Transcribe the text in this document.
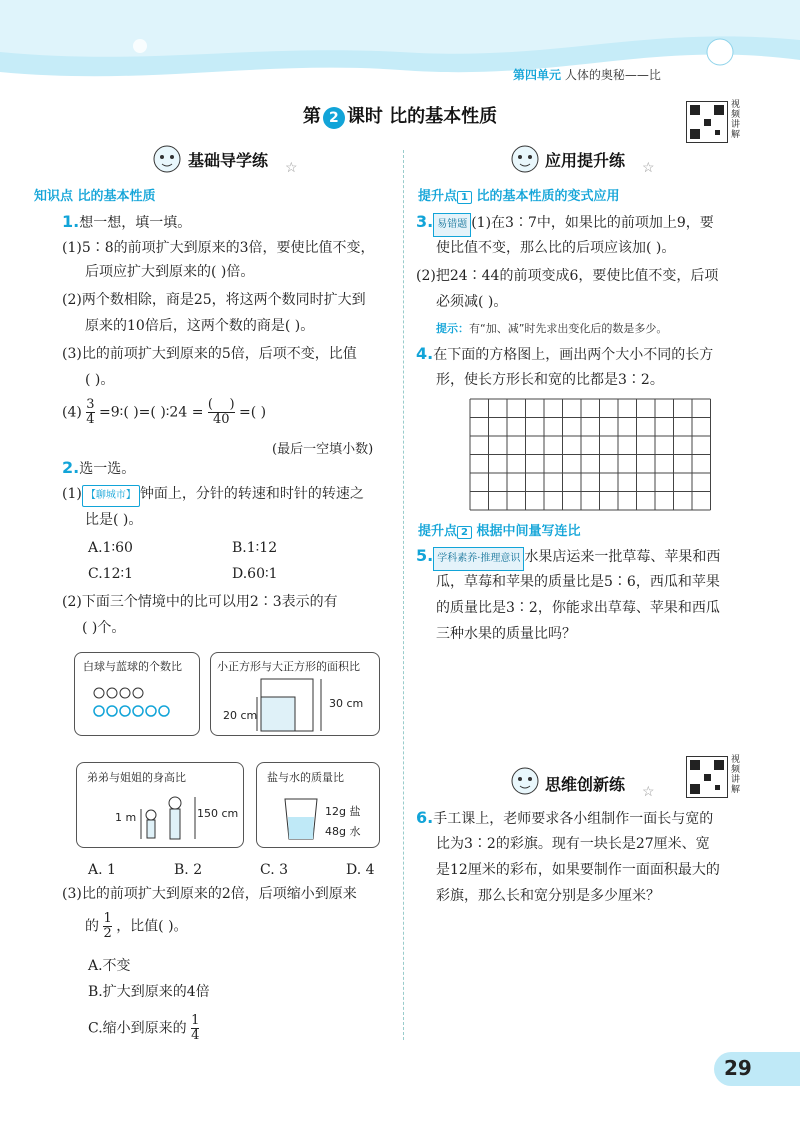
第四单元 人体的奥秘——比
第 2 课时 比的基本性质
视频讲解
视频讲解
基础导学练 ☆
知识点 比的基本性质
1.想一想，填一填。
(1)5∶8的前项扩大到原来的3倍，要使比值不变，
后项应扩大到原来的( )倍。
(2)两个数相除，商是25，将这两个数同时扩大到
原来的10倍后，这两个数的商是( )。
(3)比的前项扩大到原来的5倍，后项不变，比值
( )。
$(4) \frac{3}{4}$ =9∶( )=( )∶24 = $\frac{( )}{40}$ =( )
(最后一空填小数)
2.选一选。
(1) 【聊城市】 钟面上，分针的转速和时针的转速之
比是( )。
A.1∶60	B.1∶12
C.12∶1	D.60∶1
(2)下面三个情境中的比可以用2∶3表示的有
( )个。
白球与蓝球的个数比	小正方形与大正方形的面积比
20 cm
30 cm
弟弟与姐姐的身高比
1 m	150 cm
盐与水的质量比
12g 盐
48g 水
A. 1	B. 2	C. 3	D. 4
(3)比的前项扩大到原来的2倍，后项缩小到原来
的 $\frac{1}{2}$ ，比值( )。
A.不变
B.扩大到原来的4倍
C.缩小到原来的 $\frac{1}{4}$
应用提升练 ☆
提升点 1 比的基本性质的变式应用
3. 易错题 (1)在3∶7中，如果比的前项加上9，要
使比值不变，那么比的后项应该加( )。
(2)把24∶44的前项变成6，要使比值不变，后项
必须减( )。
提示：有“加、减”时先求出变化后的数是多少。
4.在下面的方格图上，画出两个大小不同的长方
形，使长方形长和宽的比都是3∶2。
提升点 2 根据中间量写连比
5. 学科素养·推理意识 水果店运来一批草莓、苹果和西
瓜，草莓和苹果的质量比是5∶6，西瓜和苹果
的质量比是3∶2，你能求出草莓、苹果和西瓜
三种水果的质量比吗？
思维创新练 ☆
6.手工课上，老师要求各小组制作一面长与宽的
比为3∶2的彩旗。现有一块长是27厘米、宽
是12厘米的彩布，如果要制作一面面积最大的
彩旗，那么长和宽分别是多少厘米？
29
